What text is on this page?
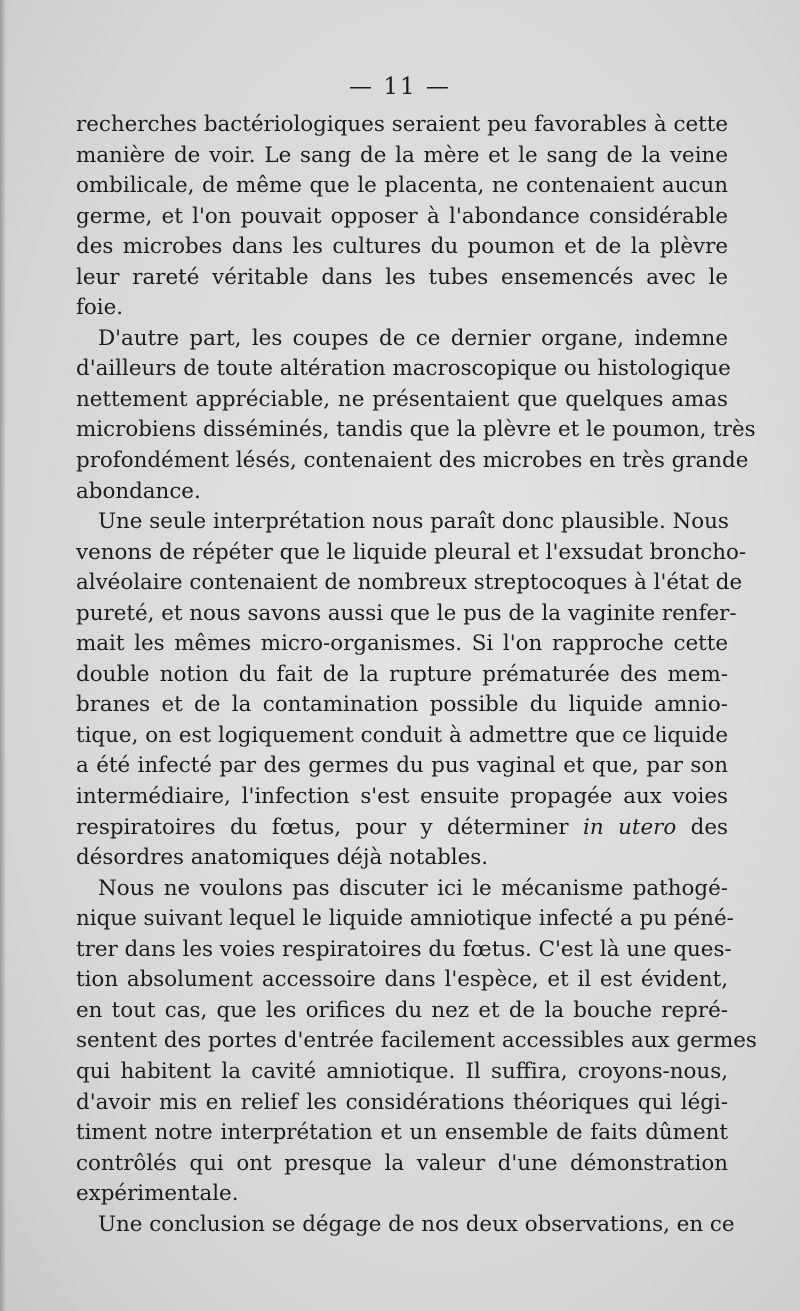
— 11 —
recherches bactériologiques seraient peu favorables à cette
manière de voir. Le sang de la mère et le sang de la veine
ombilicale, de même que le placenta, ne contenaient aucun
germe, et l'on pouvait opposer à l'abondance considérable
des microbes dans les cultures du poumon et de la plèvre
leur rareté véritable dans les tubes ensemencés avec le
foie.
D'autre part, les coupes de ce dernier organe, indemne
d'ailleurs de toute altération macroscopique ou histologique
nettement appréciable, ne présentaient que quelques amas
microbiens disséminés, tandis que la plèvre et le poumon, très
profondément lésés, contenaient des microbes en très grande
abondance.
Une seule interprétation nous paraît donc plausible. Nous
venons de répéter que le liquide pleural et l'exsudat broncho-
alvéolaire contenaient de nombreux streptocoques à l'état de
pureté, et nous savons aussi que le pus de la vaginite renfer-
mait les mêmes micro-organismes. Si l'on rapproche cette
double notion du fait de la rupture prématurée des mem-
branes et de la contamination possible du liquide amnio-
tique, on est logiquement conduit à admettre que ce liquide
a été infecté par des germes du pus vaginal et que, par son
intermédiaire, l'infection s'est ensuite propagée aux voies
respiratoires du fœtus, pour y déterminer in utero des
désordres anatomiques déjà notables.
Nous ne voulons pas discuter ici le mécanisme pathogé-
nique suivant lequel le liquide amniotique infecté a pu péné-
trer dans les voies respiratoires du fœtus. C'est là une ques-
tion absolument accessoire dans l'espèce, et il est évident,
en tout cas, que les orifices du nez et de la bouche repré-
sentent des portes d'entrée facilement accessibles aux germes
qui habitent la cavité amniotique. Il suffira, croyons-nous,
d'avoir mis en relief les considérations théoriques qui légi-
timent notre interprétation et un ensemble de faits dûment
contrôlés qui ont presque la valeur d'une démonstration
expérimentale.
Une conclusion se dégage de nos deux observations, en ce
